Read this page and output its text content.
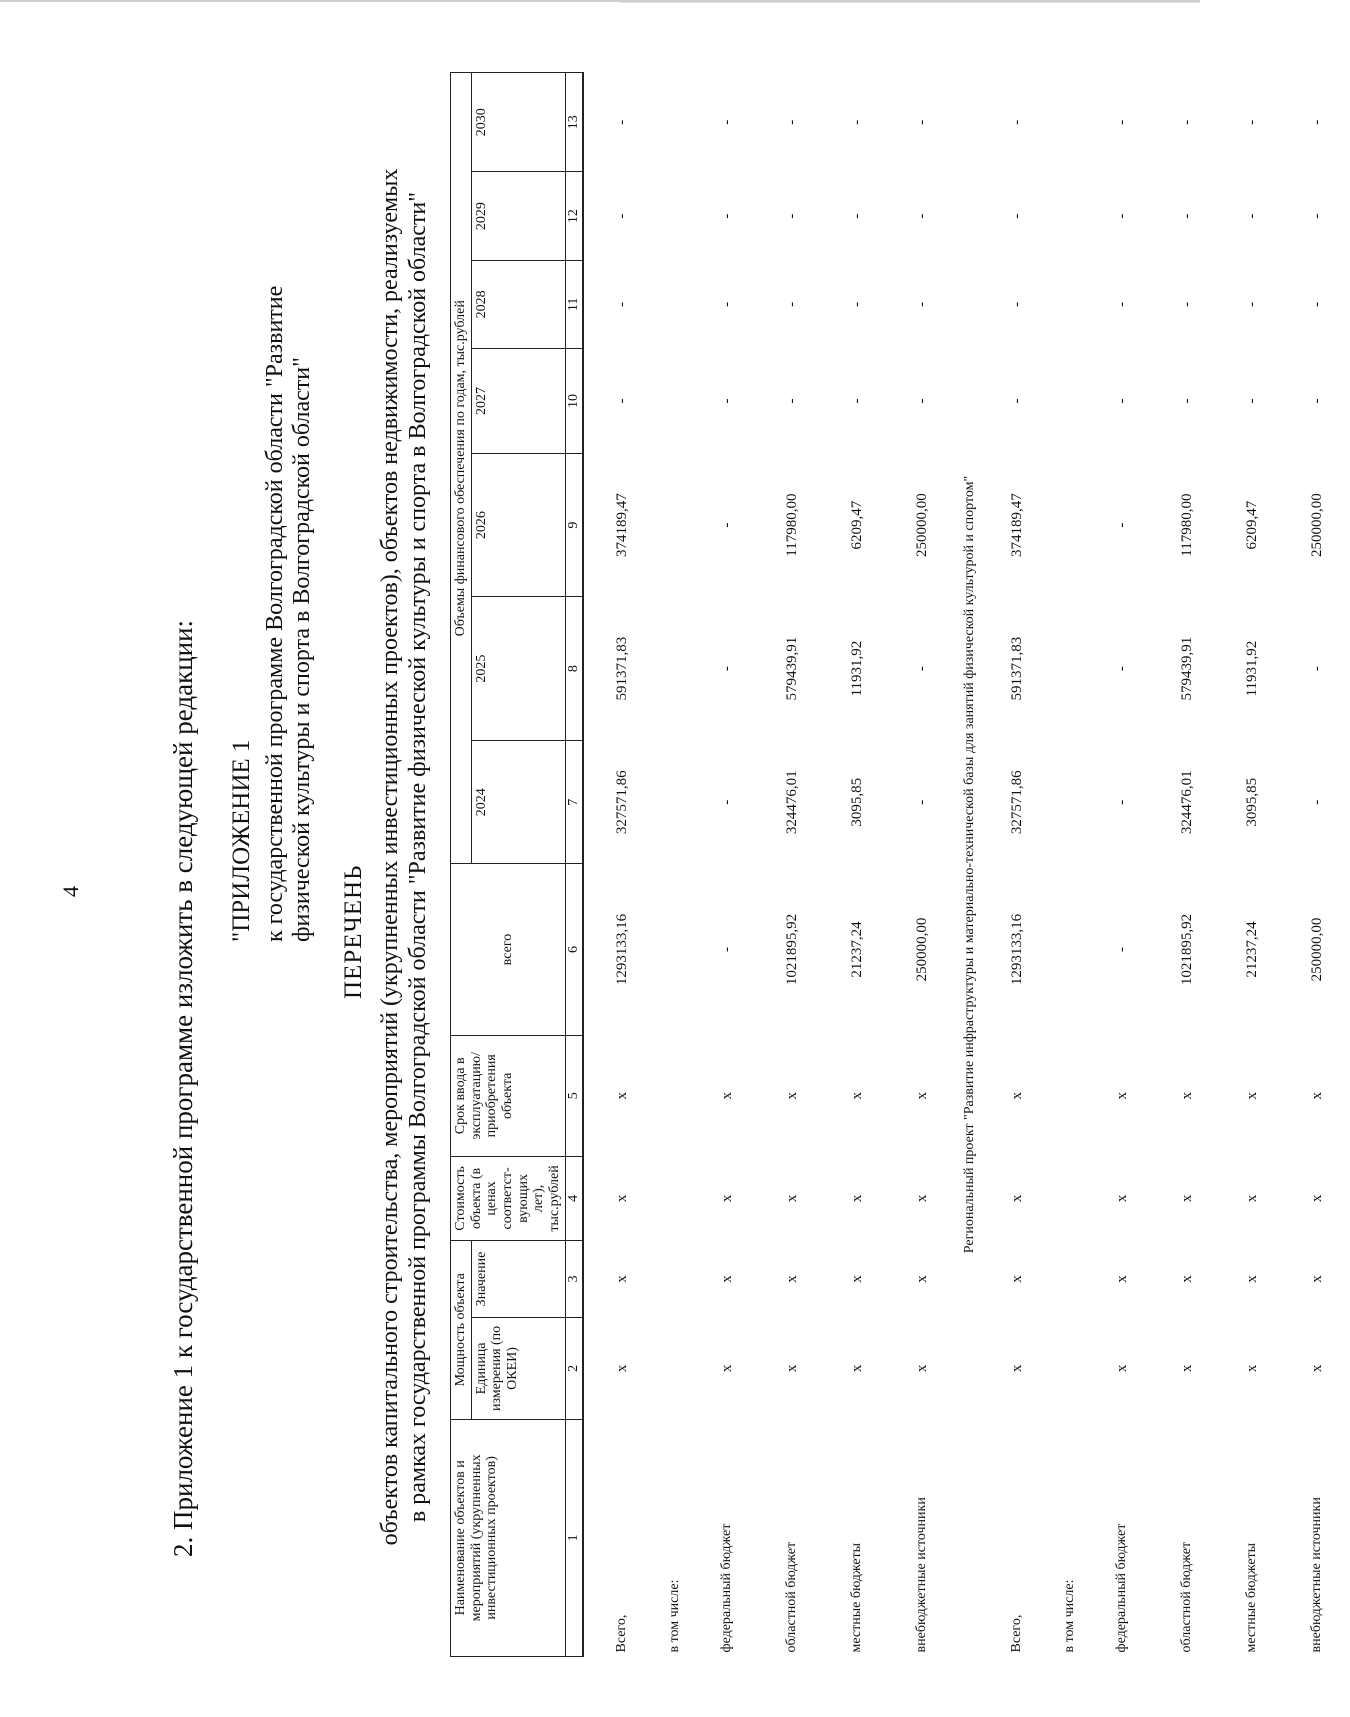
4	2. Приложение 1 к государственной программе изложить в следующей редакции: "ПРИЛОЖЕНИЕ 1 к государственной программе Волгоградской области "Развитие физической культуры и спорта в Волгоградской области" ПЕРЕЧЕНЬ объектов капитального строительства, мероприятий (укрупненных инвестиционных проектов), объектов недвижимости, реализуемых в рамках государственной программы Волгоградской области "Развитие физической культуры и спорта в Волгоградской области"
Наименование объектов и мероприятий (укрупненных инвестиционных проектов)	Мощность объекта		Стоимость объекта (в ценах соответст- вующих лет), тыс.рублей	Срок ввода в эксплуатацию/ приобретения объекта	всего	Объемы финансового обеспечения по годам, тыс.рублей						
	Единица измерения (по ОКЕИ)	Значение				2024	2025	2026	2027	2028	2029	2030

1	2	3	4	5	6	7	8	9	10	11	12	13
Всего,	х	х	х	х	1293133,16	327571,86	591371,83	374189,47	-	-	-	-
в том числе:												
федеральный бюджет	х	х	х	х	-	-	-	-	-	-	-	-
областной бюджет	х	х	х	х	1021895,92	324476,01	579439,91	117980,00	-	-	-	-
местные бюджеты	х	х	х	х	21237,24	3095,85	11931,92	6209,47	-	-	-	-
внебюджетные источники	х	х	х	х	250000,00	-	-	250000,00	-	-	-	-
Региональный проект "Развитие инфраструктуры и материально-технической базы для занятий физической культурой и спортом"												
Всего,	х	х	х	х	1293133,16	327571,86	591371,83	374189,47	-	-	-	-
в том числе:												
федеральный бюджет	х	х	х	х	-	-	-	-	-	-	-	-
областной бюджет	х	х	х	х	1021895,92	324476,01	579439,91	117980,00	-	-	-	-
местные бюджеты	х	х	х	х	21237,24	3095,85	11931,92	6209,47	-	-	-	-
внебюджетные источники	х	х	х	х	250000,00	-	-	250000,00	-	-	-	-
